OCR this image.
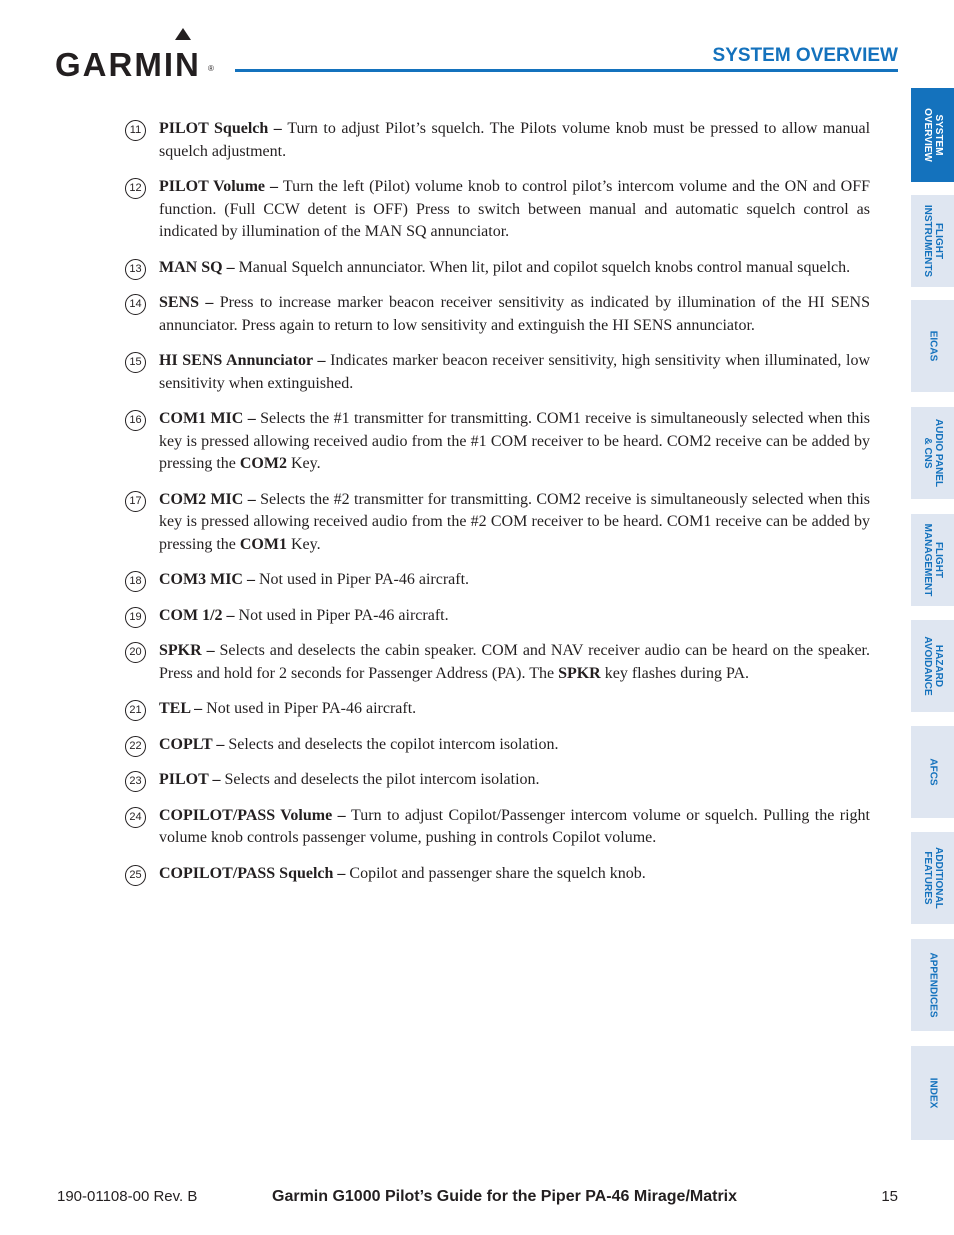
GARMIN ®
SYSTEM OVERVIEW
11 PILOT Squelch – Turn to adjust Pilot’s squelch. The Pilots volume knob must be pressed to allow manual squelch adjustment.
12 PILOT Volume – Turn the left (Pilot) volume knob to control pilot’s intercom volume and the ON and OFF function. (Full CCW detent is OFF) Press to switch between manual and automatic squelch control as indicated by illumination of the MAN SQ annunciator.
13 MAN SQ – Manual Squelch annunciator. When lit, pilot and copilot squelch knobs control manual squelch.
14 SENS – Press to increase marker beacon receiver sensitivity as indicated by illumination of the HI SENS annunciator. Press again to return to low sensitivity and extinguish the HI SENS annunciator.
15 HI SENS Annunciator – Indicates marker beacon receiver sensitivity, high sensitivity when illuminated, low sensitivity when extinguished.
16 COM1 MIC – Selects the #1 transmitter for transmitting. COM1 receive is simultaneously selected when this key is pressed allowing received audio from the #1 COM receiver to be heard. COM2 receive can be added by pressing the COM2 Key.
17 COM2 MIC – Selects the #2 transmitter for transmitting. COM2 receive is simultaneously selected when this key is pressed allowing received audio from the #2 COM receiver to be heard. COM1 receive can be added by pressing the COM1 Key.
18 COM3 MIC – Not used in Piper PA-46 aircraft.
19 COM 1/2 – Not used in Piper PA-46 aircraft.
20 SPKR – Selects and deselects the cabin speaker. COM and NAV receiver audio can be heard on the speaker. Press and hold for 2 seconds for Passenger Address (PA). The SPKR key flashes during PA.
21 TEL – Not used in Piper PA-46 aircraft.
22 COPLT – Selects and deselects the copilot intercom isolation.
23 PILOT – Selects and deselects the pilot intercom isolation.
24 COPILOT/PASS Volume – Turn to adjust Copilot/Passenger intercom volume or squelch. Pulling the right volume knob controls passenger volume, pushing in controls Copilot volume.
25 COPILOT/PASS Squelch – Copilot and passenger share the squelch knob.
SYSTEM
OVERVIEW
FLIGHT
INSTRUMENTS
EICAS
AUDIO PANEL
& CNS
FLIGHT
MANAGEMENT
HAZARD
AVOIDANCE
AFCS
ADDITIONAL
FEATURES
APPENDICES
INDEX
190-01108-00 Rev. B	Garmin G1000 Pilot’s Guide for the Piper PA-46 Mirage/Matrix	15
